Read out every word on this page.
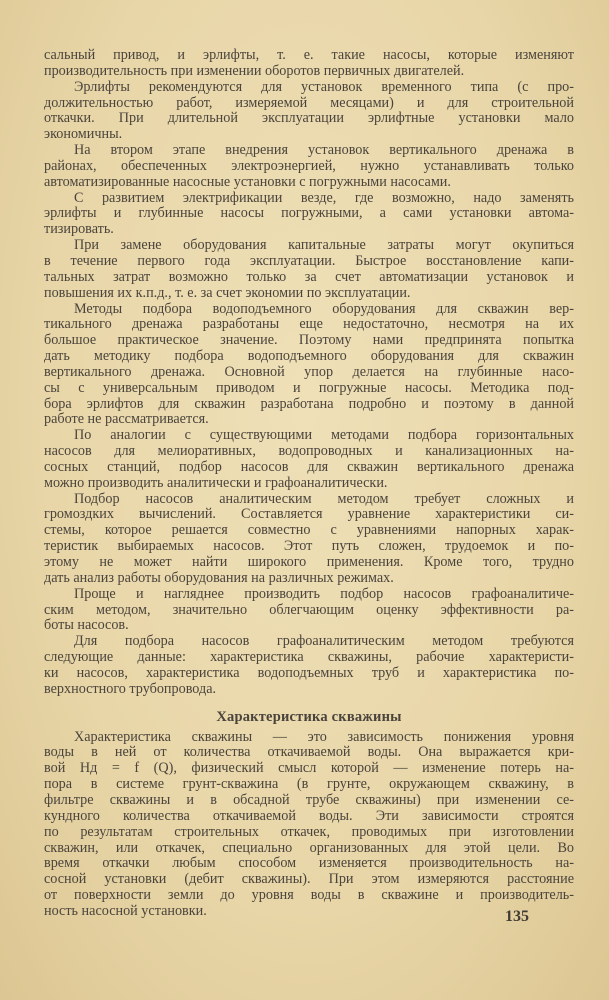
сальный привод, и эрлифты, т. е. такие насосы, которые изменяют
производительность при изменении оборотов первичных двигателей.
Эрлифты рекомендуются для установок временного типа (с про-
должительностью работ, измеряемой месяцами) и для строительной
откачки. При длительной эксплуатации эрлифтные установки мало
экономичны.
На втором этапе внедрения установок вертикального дренажа в
районах, обеспеченных электроэнергией, нужно устанавливать только
автоматизированные насосные установки с погружными насосами.
С развитием электрификации везде, где возможно, надо заменять
эрлифты и глубинные насосы погружными, а сами установки автома-
тизировать.
При замене оборудования капитальные затраты могут окупиться
в течение первого года эксплуатации. Быстрое восстановление капи-
тальных затрат возможно только за счет автоматизации установок и
повышения их к.п.д., т. е. за счет экономии по эксплуатации.
Методы подбора водоподъемного оборудования для скважин вер-
тикального дренажа разработаны еще недостаточно, несмотря на их
большое практическое значение. Поэтому нами предпринята попытка
дать методику подбора водоподъемного оборудования для скважин
вертикального дренажа. Основной упор делается на глубинные насо-
сы с универсальным приводом и погружные насосы. Методика под-
бора эрлифтов для скважин разработана подробно и поэтому в данной
работе не рассматривается.
По аналогии с существующими методами подбора горизонтальных
насосов для мелиоративных, водопроводных и канализационных на-
сосных станций, подбор насосов для скважин вертикального дренажа
можно производить аналитически и графоаналитически.
Подбор насосов аналитическим методом требует сложных и
громоздких вычислений. Составляется уравнение характеристики си-
стемы, которое решается совместно с уравнениями напорных харак-
теристик выбираемых насосов. Этот путь сложен, трудоемок и по-
этому не может найти широкого применения. Кроме того, трудно
дать анализ работы оборудования на различных режимах.
Проще и нагляднее производить подбор насосов графоаналитиче-
ским методом, значительно облегчающим оценку эффективности ра-
боты насосов.
Для подбора насосов графоаналитическим методом требуются
следующие данные: характеристика скважины, рабочие характеристи-
ки насосов, характеристика водоподъемных труб и характеристика по-
верхностного трубопровода.
Характеристика скважины
Характеристика скважины — это зависимость понижения уровня
воды в ней от количества откачиваемой воды. Она выражается кри-
вой Hд = f (Q), физический смысл которой — изменение потерь на-
пора в системе грунт-скважина (в грунте, окружающем скважину, в
фильтре скважины и в обсадной трубе скважины) при изменении се-
кундного количества откачиваемой воды. Эти зависимости строятся
по результатам строительных откачек, проводимых при изготовлении
скважин, или откачек, специально организованных для этой цели. Во
время откачки любым способом изменяется производительность на-
сосной установки (дебит скважины). При этом измеряются расстояние
от поверхности земли до уровня воды в скважине и производитель-
ность насосной установки.	135
